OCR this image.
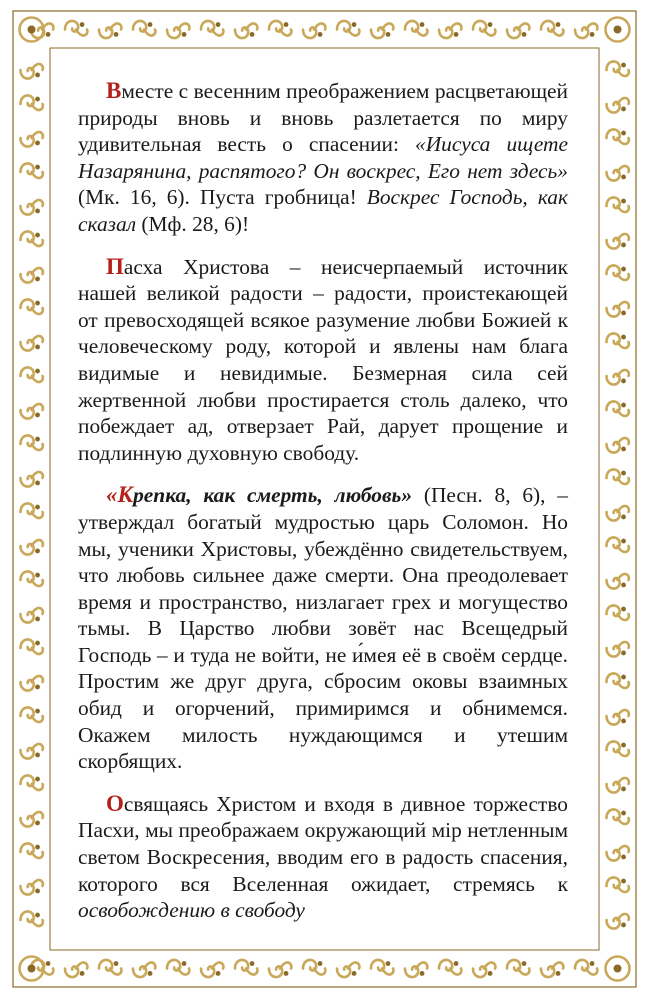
Вместе с весенним преображением расцветающей природы вновь и вновь разлетается по миру удивительная весть о спасении: «Иисуса ищете Назарянина, распятого? Он воскрес, Его нет здесь» (Мк. 16, 6). Пуста гробница! Воскрес Господь, как сказал (Мф. 28, 6)!

Пасха Христова – неисчерпаемый источник нашей великой радости – радости, проистекающей от превосходящей всякое разумение любви Божией к человеческому роду, которой и явлены нам блага видимые и невидимые. Безмерная сила сей жертвенной любви простирается столь далеко, что побеждает ад, отверзает Рай, дарует прощение и подлинную духовную свободу.

«Крепка, как смерть, любовь» (Песн. 8, 6), – утверждал богатый мудростью царь Соломон. Но мы, ученики Христовы, убеждённо свидетельствуем, что любовь сильнее даже смерти. Она преодолевает время и пространство, низлагает грех и могущество тьмы. В Царство любви зовёт нас Всещедрый Господь – и туда не войти, не и́мея её в своём сердце. Простим же друг друга, сбросим оковы взаимных обид и огорчений, примиримся и обнимемся. Окажем милость нуждающимся и утешим скорбящих.

Освящаясь Христом и входя в дивное торжество Пасхи, мы преображаем окружающий мір нетленным светом Воскресения, вводим его в радость спасения, которого вся Вселенная ожидает, стремясь к освобождению в свободу
